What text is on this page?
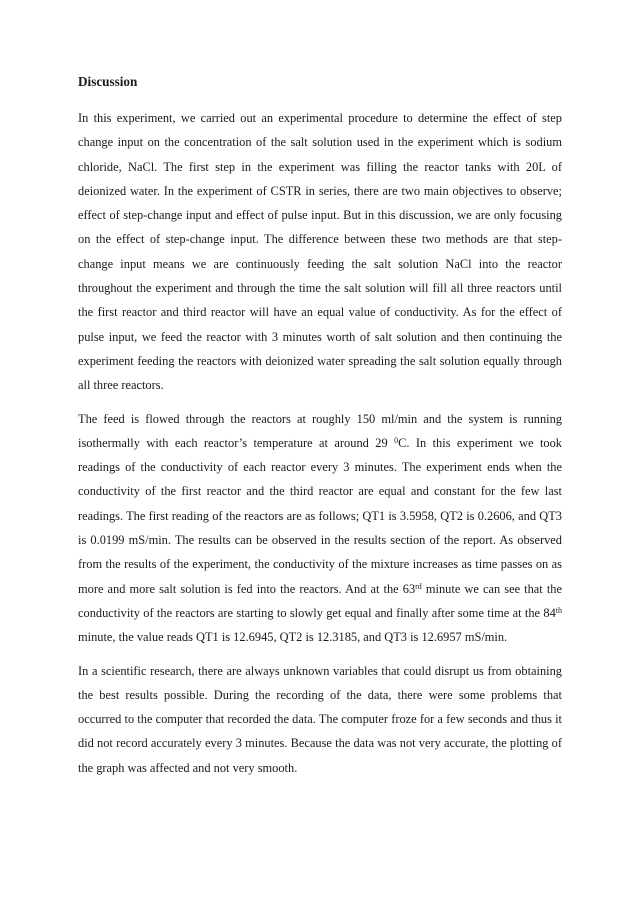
Discussion

In this experiment, we carried out an experimental procedure to determine the effect of step change input on the concentration of the salt solution used in the experiment which is sodium chloride, NaCl. The first step in the experiment was filling the reactor tanks with 20L of deionized water. In the experiment of CSTR in series, there are two main objectives to observe; effect of step-change input and effect of pulse input. But in this discussion, we are only focusing on the effect of step-change input. The difference between these two methods are that step-change input means we are continuously feeding the salt solution NaCl into the reactor throughout the experiment and through the time the salt solution will fill all three reactors until the first reactor and third reactor will have an equal value of conductivity. As for the effect of pulse input, we feed the reactor with 3 minutes worth of salt solution and then continuing the experiment feeding the reactors with deionized water spreading the salt solution equally through all three reactors.

The feed is flowed through the reactors at roughly 150 ml/min and the system is running isothermally with each reactor’s temperature at around 29 $^0$C. In this experiment we took readings of the conductivity of each reactor every 3 minutes. The experiment ends when the conductivity of the first reactor and the third reactor are equal and constant for the few last readings. The first reading of the reactors are as follows; QT1 is 3.5958, QT2 is 0.2606, and QT3 is 0.0199 mS/min. The results can be observed in the results section of the report. As observed from the results of the experiment, the conductivity of the mixture increases as time passes on as more and more salt solution is fed into the reactors. And at the 63rd minute we can see that the conductivity of the reactors are starting to slowly get equal and finally after some time at the 84th minute, the value reads QT1 is 12.6945, QT2 is 12.3185, and QT3 is 12.6957 mS/min.

In a scientific research, there are always unknown variables that could disrupt us from obtaining the best results possible. During the recording of the data, there were some problems that occurred to the computer that recorded the data. The computer froze for a few seconds and thus it did not record accurately every 3 minutes. Because the data was not very accurate, the plotting of the graph was affected and not very smooth.
